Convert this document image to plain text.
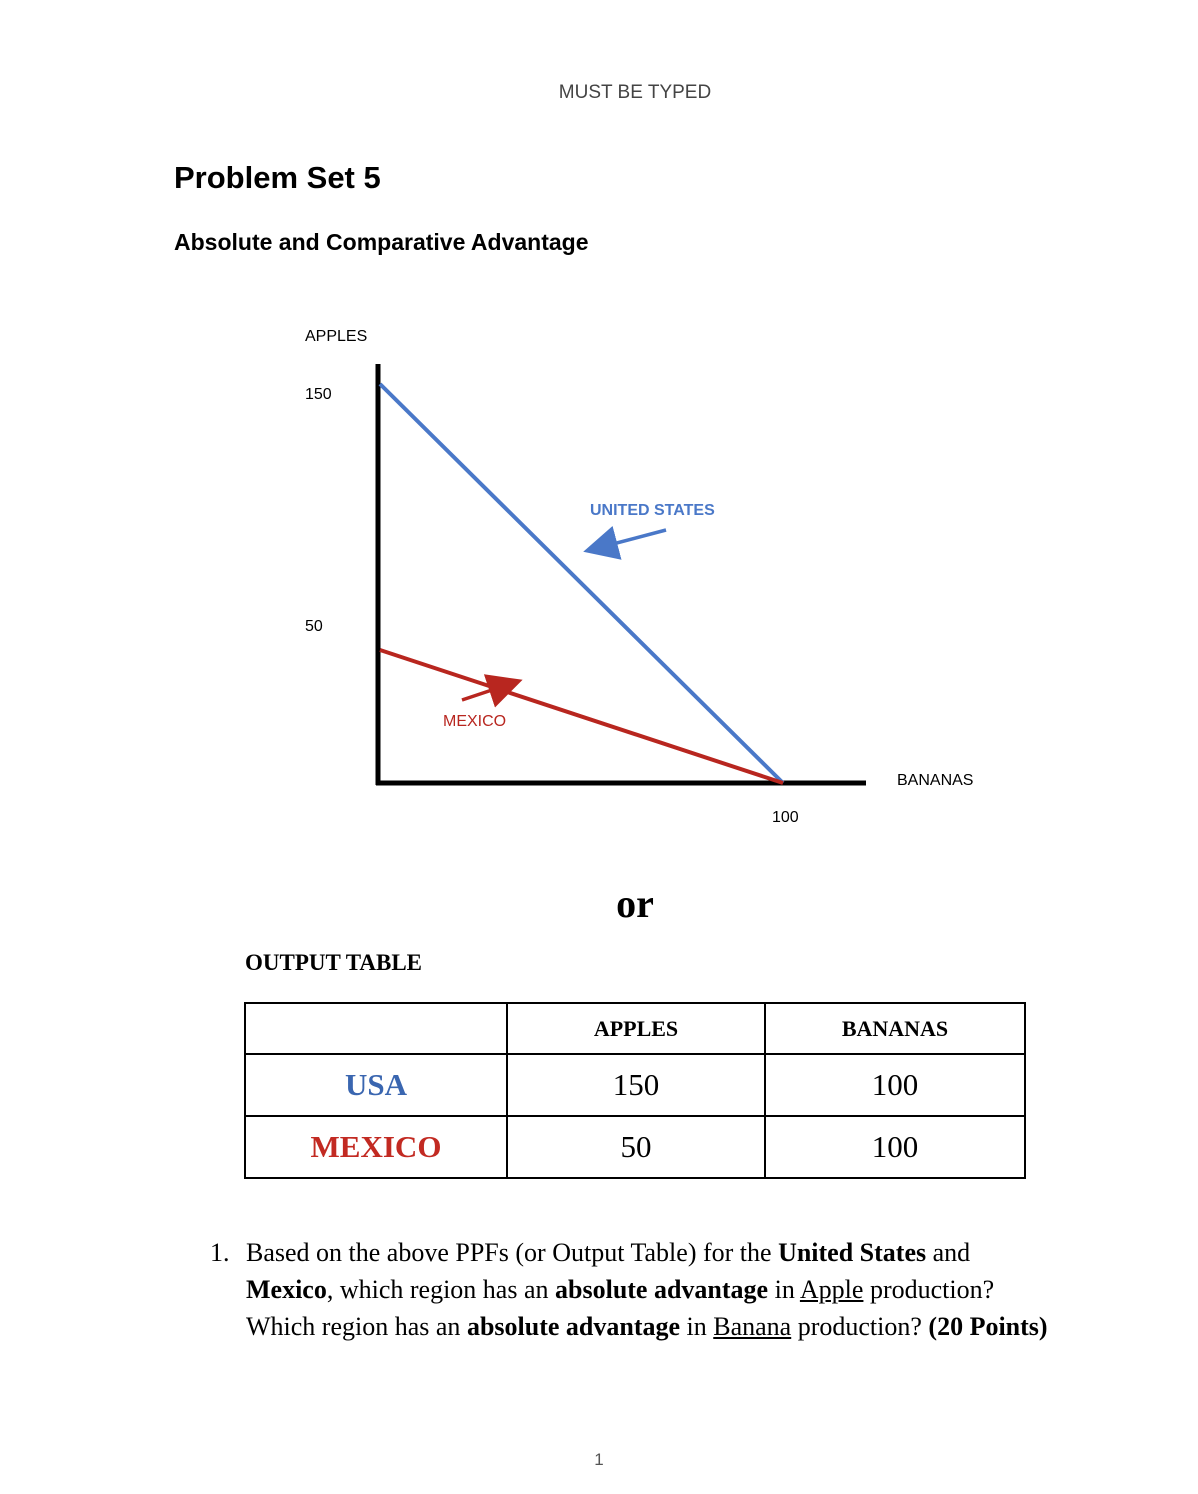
MUST BE TYPED
Problem Set 5
Absolute and Comparative Advantage
APPLES
150
50
100
BANANAS
UNITED STATES
MEXICO
or
OUTPUT TABLE
	APPLES	BANANAS
USA	150	100
MEXICO	50	100
1. Based on the above PPFs (or Output Table) for the United States and Mexico, which region has an absolute advantage in Apple production? Which region has an absolute advantage in Banana production? (20 Points)
1
